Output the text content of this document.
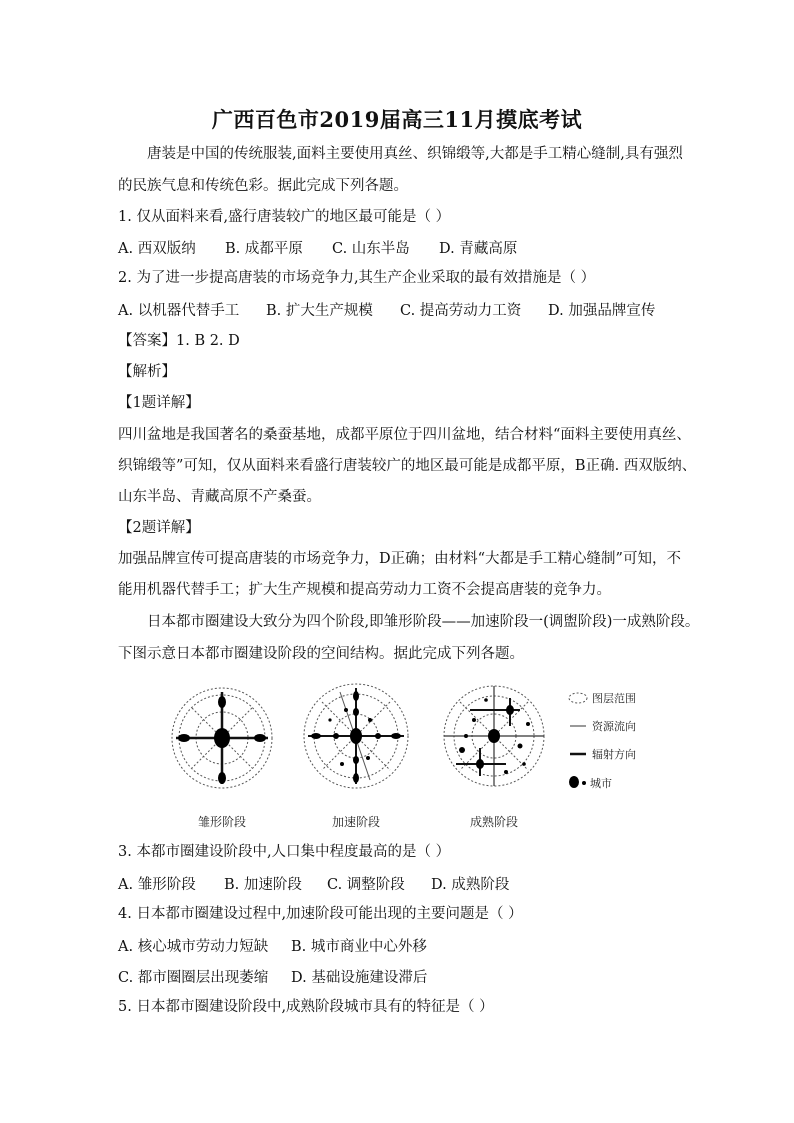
广西百色市2019届高三11月摸底考试
唐装是中国的传统服装,面料主要使用真丝、织锦缎等,大都是手工精心缝制,具有强烈
的民族气息和传统色彩。据此完成下列各题。
1. 仅从面料来看,盛行唐装较广的地区最可能是（ ）
A. 西双版纳 B. 成都平原 C. 山东半岛 D. 青藏高原
2. 为了进一步提高唐装的市场竞争力,其生产企业采取的最有效措施是（ ）
A. 以机器代替手工 B. 扩大生产规模 C. 提高劳动力工资 D. 加强品牌宣传
【答案】1. B 2. D
【解析】
【1题详解】
四川盆地是我国著名的桑蚕基地，成都平原位于四川盆地，结合材料“面料主要使用真丝、
织锦缎等”可知，仅从面料来看盛行唐装较广的地区最可能是成都平原，B正确. 西双版纳、
山东半岛、青藏高原不产桑蚕。
【2题详解】
加强品牌宣传可提高唐装的市场竞争力，D正确；由材料“大都是手工精心缝制”可知，不
能用机器代替手工；扩大生产规模和提高劳动力工资不会提高唐装的竞争力。
日本都市圈建设大致分为四个阶段,即雏形阶段——加速阶段一(调盥阶段)一成熟阶段。
下图示意日本都市圈建设阶段的空间结构。据此完成下列各题。
雏形阶段	加速阶段	成熟阶段
图层范围
资源流向
辐射方向
城市
3. 本都市圈建设阶段中,人口集中程度最高的是（ ）
A. 雏形阶段 B. 加速阶段 C. 调整阶段 D. 成熟阶段
4. 日本都市圈建设过程中,加速阶段可能出现的主要问题是（ ）
A. 核心城市劳动力短缺 B. 城市商业中心外移
C. 都市圈圈层出现萎缩 D. 基础设施建设滞后
5. 日本都市圈建设阶段中,成熟阶段城市具有的特征是（ ）
